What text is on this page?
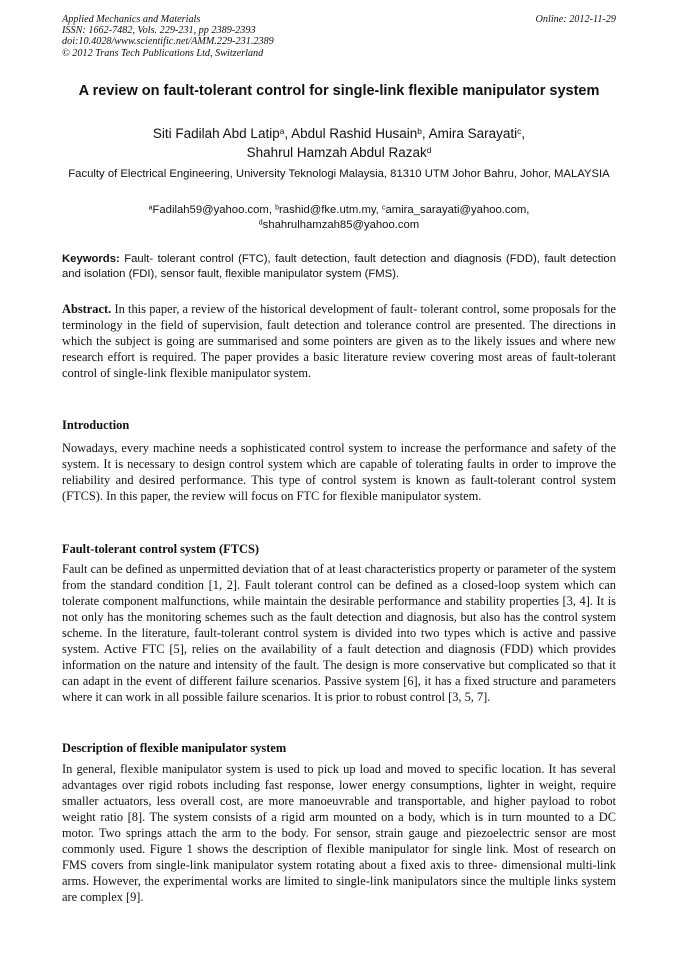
Applied Mechanics and Materials
ISSN: 1662-7482, Vols. 229-231, pp 2389-2393
doi:10.4028/www.scientific.net/AMM.229-231.2389
© 2012 Trans Tech Publications Ltd, Switzerland
Online: 2012-11-29
A review on fault-tolerant control for single-link flexible manipulator system
Siti Fadilah Abd Latip$^a$, Abdul Rashid Husain$^b$, Amira Sarayati$^c$,
Shahrul Hamzah Abdul Razak$^d$
Faculty of Electrical Engineering, University Teknologi Malaysia, 81310 UTM Johor Bahru, Johor, MALAYSIA
$^a$Fadilah59@yahoo.com, $^b$rashid@fke.utm.my, $^c$amira_sarayati@yahoo.com,
$^d$shahrulhamzah85@yahoo.com
Keywords: Fault- tolerant control (FTC), fault detection, fault detection and diagnosis (FDD), fault detection and isolation (FDI), sensor fault, flexible manipulator system (FMS).
Abstract. In this paper, a review of the historical development of fault- tolerant control, some proposals for the terminology in the field of supervision, fault detection and tolerance control are presented. The directions in which the subject is going are summarised and some pointers are given as to the likely issues and where new research effort is required. The paper provides a basic literature review covering most areas of fault-tolerant control of single-link flexible manipulator system.
Introduction
Nowadays, every machine needs a sophisticated control system to increase the performance and safety of the system. It is necessary to design control system which are capable of tolerating faults in order to improve the reliability and desired performance. This type of control system is known as fault-tolerant control system (FTCS). In this paper, the review will focus on FTC for flexible manipulator system.
Fault-tolerant control system (FTCS)
Fault can be defined as unpermitted deviation that of at least characteristics property or parameter of the system from the standard condition [1, 2]. Fault tolerant control can be defined as a closed-loop system which can tolerate component malfunctions, while maintain the desirable performance and stability properties [3, 4]. It is not only has the monitoring schemes such as the fault detection and diagnosis, but also has the control system scheme. In the literature, fault-tolerant control system is divided into two types which is active and passive system. Active FTC [5], relies on the availability of a fault detection and diagnosis (FDD) which provides information on the nature and intensity of the fault. The design is more conservative but complicated so that it can adapt in the event of different failure scenarios. Passive system [6], it has a fixed structure and parameters where it can work in all possible failure scenarios. It is prior to robust control [3, 5, 7].
Description of flexible manipulator system
In general, flexible manipulator system is used to pick up load and moved to specific location. It has several advantages over rigid robots including fast response, lower energy consumptions, lighter in weight, require smaller actuators, less overall cost, are more manoeuvrable and transportable, and higher payload to robot weight ratio [8]. The system consists of a rigid arm mounted on a body, which is in turn mounted to a DC motor. Two springs attach the arm to the body. For sensor, strain gauge and piezoelectric sensor are most commonly used. Figure 1 shows the description of flexible manipulator for single link. Most of research on FMS covers from single-link manipulator system rotating about a fixed axis to three- dimensional multi-link arms. However, the experimental works are limited to single-link manipulators since the multiple links system are complex [9].
